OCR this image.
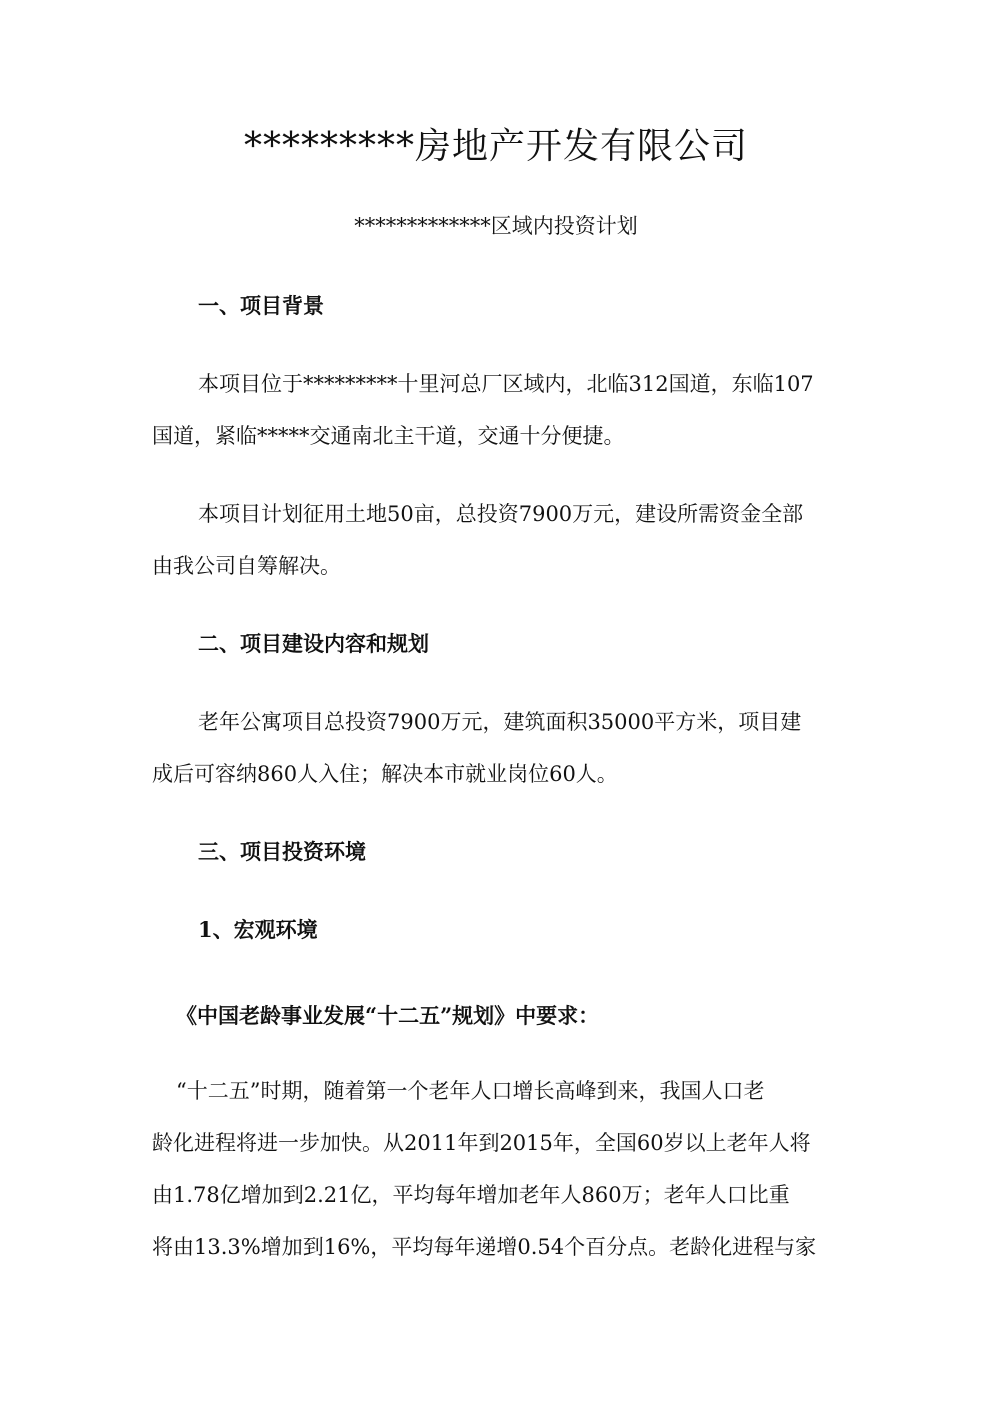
*********房地产开发有限公司

*************区域内投资计划

一、项目背景

本项目位于*********十里河总厂区域内，北临312国道，东临107

国道，紧临*****交通南北主干道，交通十分便捷。

本项目计划征用土地50亩，总投资7900万元，建设所需资金全部

由我公司自筹解决。

二、项目建设内容和规划

老年公寓项目总投资7900万元，建筑面积35000平方米，项目建

成后可容纳860人入住；解决本市就业岗位60人。

三、项目投资环境

1、宏观环境

《中国老龄事业发展“十二五”规划》中要求：

“十二五”时期，随着第一个老年人口增长高峰到来，我国人口老

龄化进程将进一步加快。从2011年到2015年，全国60岁以上老年人将

由1.78亿增加到2.21亿，平均每年增加老年人860万；老年人口比重

将由13.3%增加到16%，平均每年递增0.54个百分点。老龄化进程与家
